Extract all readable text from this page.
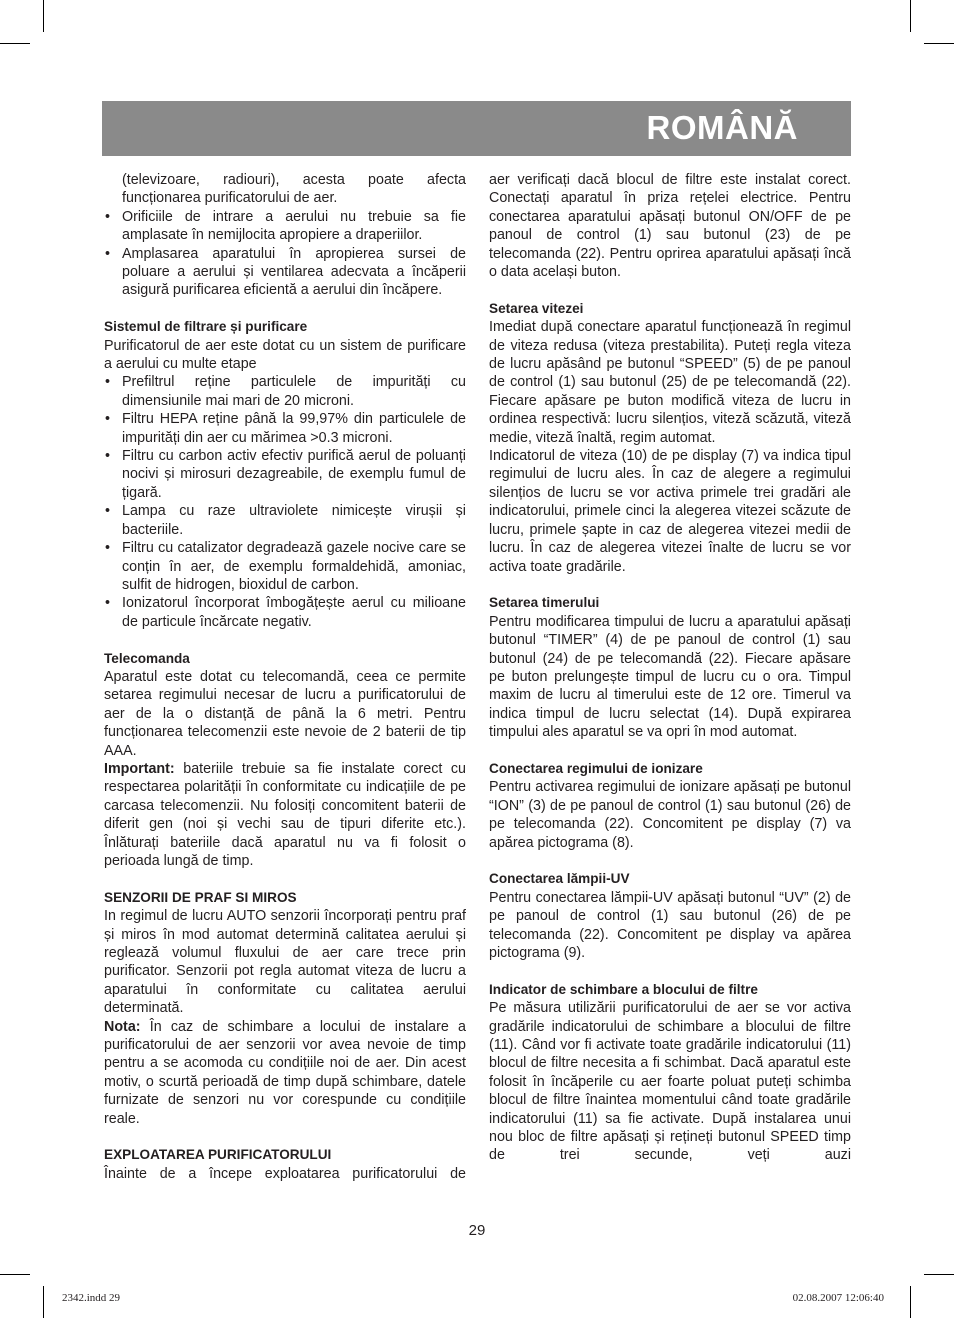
ROMÂNĂ

(televizoare, radiouri), acesta poate afecta funcționarea purificatorului de aer.

• Orificiile de intrare a aerului nu trebuie sa fie amplasate în nemijlocita apropiere a draperiilor.

• Amplasarea aparatului în apropierea sursei de poluare a aerului și ventilarea adecvata a încăperii asigură purificarea eficientă a aerului din încăpere.

Sistemul de filtrare și purificare

Purificatorul de aer este dotat cu un sistem de purificare a aerului cu multe etape

• Prefiltrul reține particulele de impurități cu dimensiunile mai mari de 20 microni.

• Filtru HEPA reține până la 99,97% din particulele de impurități din aer cu mărimea >0.3 microni.

• Filtru cu carbon activ efectiv purifică aerul de poluanți nocivi și mirosuri dezagreabile, de exemplu fumul de țigară.

• Lampa cu raze ultraviolete nimicește virușii și bacteriile.

• Filtru cu catalizator degradează gazele nocive care se conțin în aer, de exemplu formaldehidă, amoniac, sulfit de hidrogen, bioxidul de carbon.

• Ionizatorul încorporat îmbogățește aerul cu milioane de particule încărcate negativ.

Telecomanda

Aparatul este dotat cu telecomandă, ceea ce permite setarea regimului necesar de lucru a purificatorului de aer de la o distanță de până la 6 metri. Pentru funcționarea telecomenzii este nevoie de 2 baterii de tip AAA.

Important: bateriile trebuie sa fie instalate corect cu respectarea polarității în conformitate cu indicațiile de pe carcasa telecomenzii. Nu folosiți concomitent baterii de diferit gen (noi și vechi sau de tipuri diferite etc.). Înlăturați bateriile dacă aparatul nu va fi folosit o perioada lungă de timp.

SENZORII DE PRAF SI MIROS

In regimul de lucru AUTO senzorii încorporați pentru praf și miros în mod automat determină calitatea aerului și reglează volumul fluxului de aer care trece prin purificator. Senzorii pot regla automat viteza de lucru a aparatului în conformitate cu calitatea aerului determinată.

Nota: În caz de schimbare a locului de instalare a purificatorului de aer senzorii vor avea nevoie de timp pentru a se acomoda cu condițiile noi de aer. Din acest motiv, o scurtă perioadă de timp după schimbare, datele furnizate de senzori nu vor corespunde cu condițiile reale.

EXPLOATAREA PURIFICATORULUI

Înainte de a începe exploatarea purificatorului de

aer verificați dacă blocul de filtre este instalat corect. Conectați aparatul în priza rețelei electrice. Pentru conectarea aparatului apăsați butonul ON/OFF de pe panoul de control (1) sau butonul (23) de pe telecomanda (22). Pentru oprirea aparatului apăsați încă o data același buton.

Setarea vitezei

Imediat după conectare aparatul funcționează în regimul de viteza redusa (viteza prestabilita). Puteți regla viteza de lucru apăsând pe butonul “SPEED” (5) de pe panoul de control (1) sau butonul (25) de pe telecomandă (22). Fiecare apăsare pe buton modifică viteza de lucru in ordinea respectivă: lucru silențios, viteză scăzută, viteză medie, viteză înaltă, regim automat.

Indicatorul de viteza (10) de pe display (7) va indica tipul regimului de lucru ales. În caz de alegere a regimului silențios de lucru se vor activa primele trei gradări ale indicatorului, primele cinci la alegerea vitezei scăzute de lucru, primele șapte in caz de alegerea vitezei medii de lucru. În caz de alegerea vitezei înalte de lucru se vor activa toate gradările.

Setarea timerului

Pentru modificarea timpului de lucru a aparatului apăsați butonul “TIMER” (4) de pe panoul de control (1) sau butonul (24) de pe telecomandă (22). Fiecare apăsare pe buton prelungește timpul de lucru cu o ora. Timpul maxim de lucru al timerului este de 12 ore. Timerul va indica timpul de lucru selectat (14). După expirarea timpului ales aparatul se va opri în mod automat.

Conectarea regimului de ionizare

Pentru activarea regimului de ionizare apăsați pe butonul “ION” (3) de pe panoul de control (1) sau butonul (26) de pe telecomanda (22). Concomitent pe display (7) va apărea pictograma (8).

Conectarea lămpii-UV

Pentru conectarea lămpii-UV apăsați butonul “UV” (2) de pe panoul de control (1) sau butonul (26) de pe telecomanda (22). Concomitent pe display va apărea pictograma (9).

Indicator de schimbare a blocului de filtre

Pe măsura utilizării purificatorului de aer se vor activa gradările indicatorului de schimbare a blocului de filtre (11). Când vor fi activate toate gradările indicatorului (11) blocul de filtre necesita a fi schimbat. Dacă aparatul este folosit în încăperile cu aer foarte poluat puteți schimba blocul de filtre înaintea momentului când toate gradările indicatorului (11) sa fie activate. După instalarea unui nou bloc de filtre apăsați și rețineți butonul SPEED timp de trei secunde, veți auzi

29
2342.indd 29	02.08.2007 12:06:40
